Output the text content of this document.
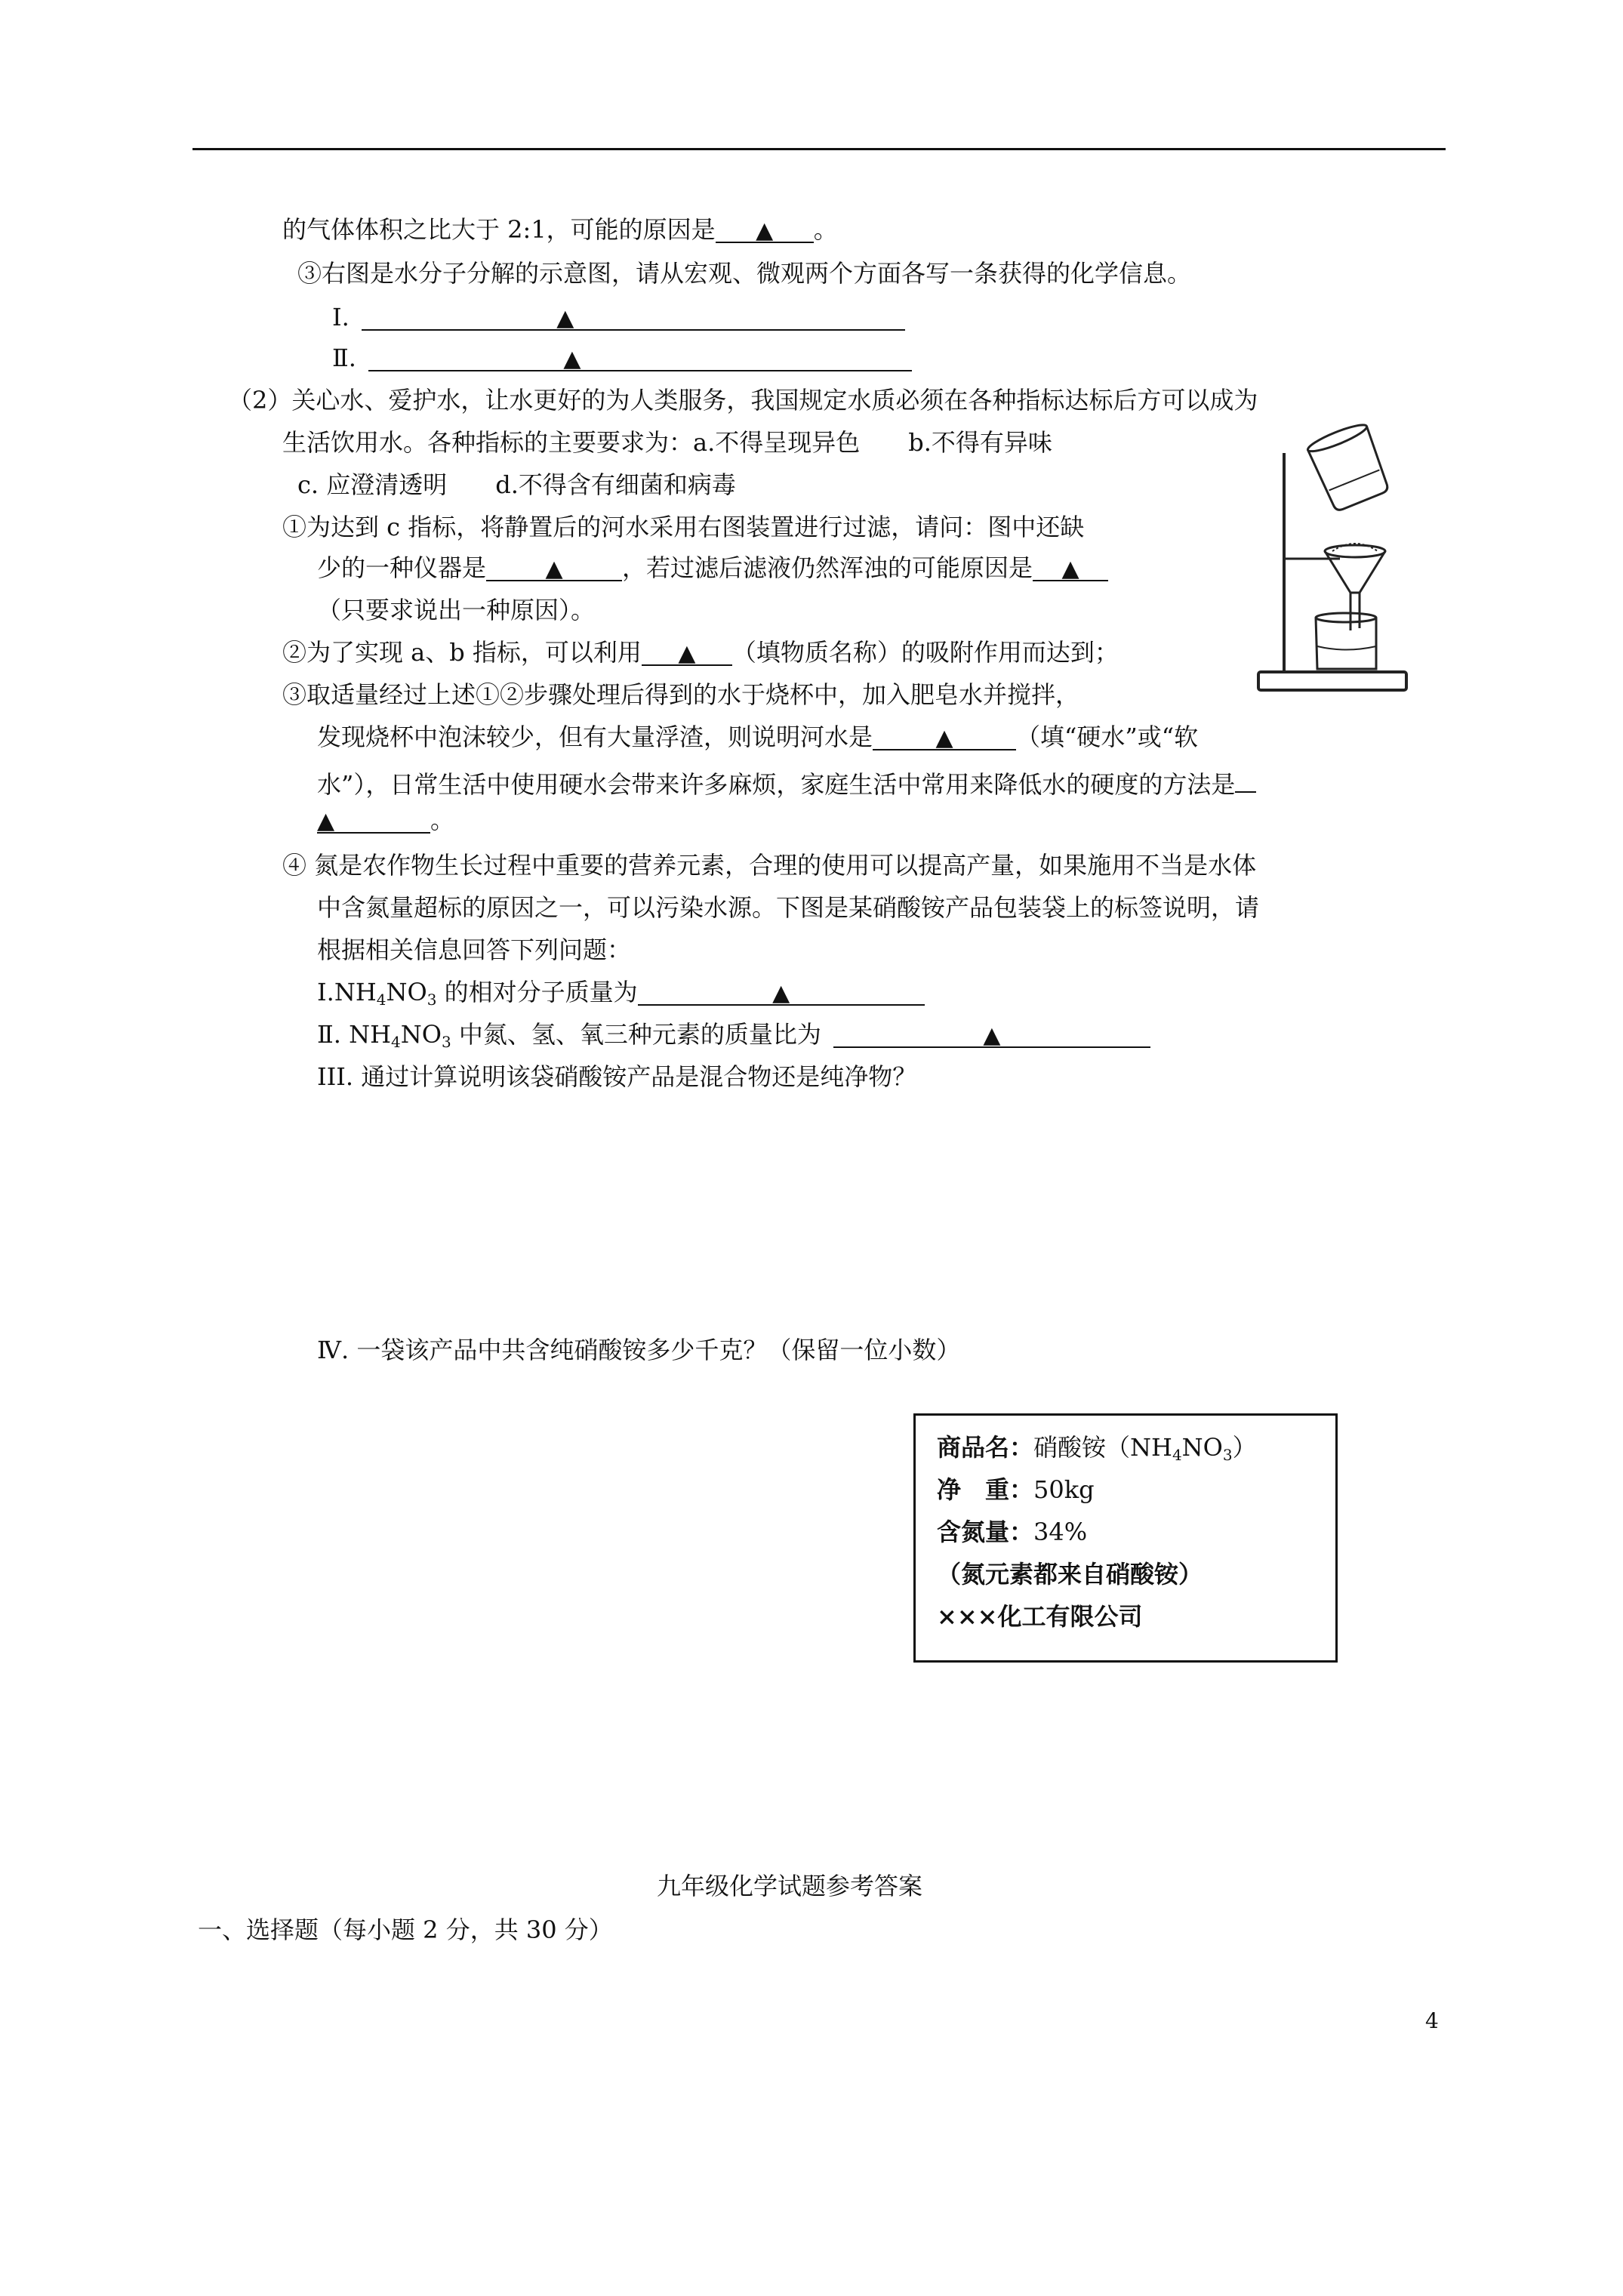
的气体体积之比大于 2:1，可能的原因是 ▲ 。
③右图是水分子分解的示意图，请从宏观、微观两个方面各写一条获得的化学信息。
Ⅰ.	▲
Ⅱ.	▲
（2）关心水、爱护水，让水更好的为人类服务，我国规定水质必须在各种指标达标后方可以成为
生活饮用水。各种指标的主要要求为：a.不得呈现异色　　b.不得有异味
c. 应澄清透明　　d.不得含有细菌和病毒
①为达到 c 指标，将静置后的河水采用右图装置进行过滤，请问：图中还缺
少的一种仪器是	▲ ，若过滤后滤液仍然浑浊的可能原因是 ▲
（只要求说出一种原因）。
②为了实现 a、b 指标，可以利用 ▲ （填物质名称）的吸附作用而达到；
③取适量经过上述①②步骤处理后得到的水于烧杯中，加入肥皂水并搅拌，
发现烧杯中泡沫较少，但有大量浮渣，则说明河水是	▲	（填“硬水”或“软
水”），日常生活中使用硬水会带来许多麻烦，家庭生活中常用来降低水的硬度的方法是
▲	。
④ 氮是农作物生长过程中重要的营养元素，合理的使用可以提高产量，如果施用不当是水体
中含氮量超标的原因之一，可以污染水源。下图是某硝酸铵产品包装袋上的标签说明，请
根据相关信息回答下列问题：
$Ⅰ.NH_4NO_3$ 的相对分子质量为	▲
Ⅱ. $NH_4NO_3$ 中氮、氢、氧三种元素的质量比为	▲
III. 通过计算说明该袋硝酸铵产品是混合物还是纯净物？
Ⅳ. 一袋该产品中共含纯硝酸铵多少千克？（保留一位小数）
商品名：硝酸铵$(NH_4NO_3)$
净　重：50kg
含氮量：34%
（氮元素都来自硝酸铵）
×××化工有限公司
九年级化学试题参考答案
一、选择题（每小题 2 分，共 30 分）
4
